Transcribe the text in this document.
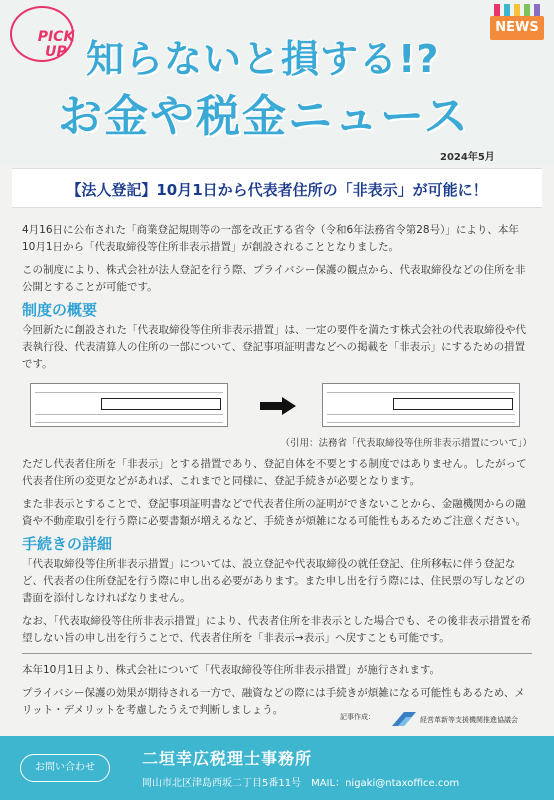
PICK UP
NEWS
知らないと損する!?
お金や税金ニュース
2024年5月
【法人登記】10月1日から代表者住所の「非表示」が可能に！

4月16日に公布された「商業登記規則等の一部を改正する省令（令和6年法務省令第28号）」により、本年10月1日から「代表取締役等住所非表示措置」が創設されることとなりました。

この制度により、株式会社が法人登記を行う際、プライバシー保護の観点から、代表取締役などの住所を非公開とすることが可能です。

制度の概要

今回新たに創設された「代表取締役等住所非表示措置」は、一定の要件を満たす株式会社の代表取締役や代表執行役、代表清算人の住所の一部について、登記事項証明書などへの掲載を「非表示」にするための措置です。

（引用：法務省「代表取締役等住所非表示措置について」）

ただし代表者住所を「非表示」とする措置であり、登記自体を不要とする制度ではありません。したがって代表者住所の変更などがあれば、これまでと同様に、登記手続きが必要となります。

また非表示とすることで、登記事項証明書などで代表者住所の証明ができないことから、金融機関からの融資や不動産取引を行う際に必要書類が増えるなど、手続きが煩雑になる可能性もあるためご注意ください。

手続きの詳細

「代表取締役等住所非表示措置」については、設立登記や代表取締役の就任登記、住所移転に伴う登記など、代表者の住所登記を行う際に申し出る必要があります。また申し出を行う際には、住民票の写しなどの書面を添付しなければなりません。

なお、「代表取締役等住所非表示措置」により、代表者住所を非表示とした場合でも、その後非表示措置を希望しない旨の申し出を行うことで、代表者住所を「非表示→表示」へ戻すことも可能です。

本年10月1日より、株式会社について「代表取締役等住所非表示措置」が施行されます。

プライバシー保護の効果が期待される一方で、融資などの際には手続きが煩雑になる可能性もあるため、メリット・デメリットを考慮したうえで判断しましょう。

記事作成：	経営革新等支援機関推進協議会
お問い合わせ	二垣幸広税理士事務所
岡山市北区津島西坂二丁目5番11号　MAIL：nigaki@ntaxoffice.com
